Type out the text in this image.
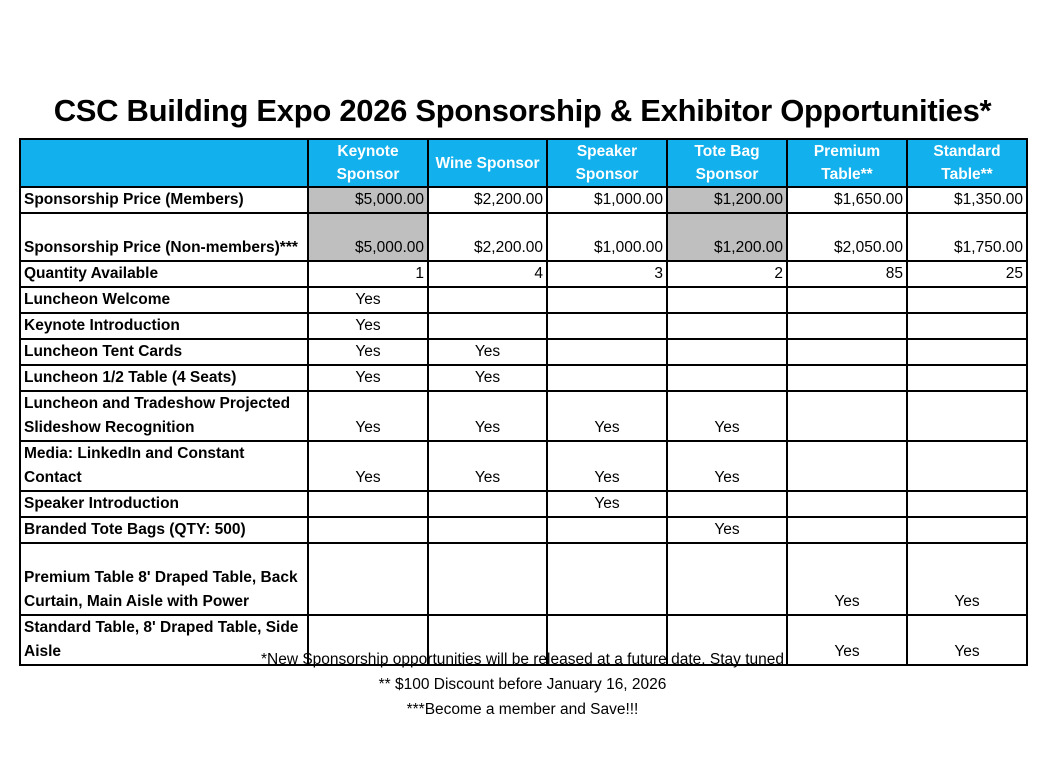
CSC Building Expo 2026 Sponsorship & Exhibitor Opportunities*
	Keynote Sponsor	Wine Sponsor	Speaker Sponsor	Tote Bag Sponsor	Premium Table**	Standard Table**
Sponsorship Price (Members)	$5,000.00	$2,200.00	$1,000.00	$1,200.00	$1,650.00	$1,350.00
Sponsorship Price (Non-members)***	$5,000.00	$2,200.00	$1,000.00	$1,200.00	$2,050.00	$1,750.00
Quantity Available	1	4	3	2	85	25
Luncheon Welcome	Yes					
Keynote Introduction	Yes					
Luncheon Tent Cards	Yes	Yes				
Luncheon 1/2 Table (4 Seats)	Yes	Yes				
Luncheon and Tradeshow Projected Slideshow Recognition	Yes	Yes	Yes	Yes		
Media: LinkedIn and Constant Contact	Yes	Yes	Yes	Yes		
Speaker Introduction			Yes			
Branded Tote Bags (QTY: 500)				Yes		
Premium Table 8' Draped Table, Back Curtain, Main Aisle with Power					Yes	Yes
Standard Table, 8' Draped Table, Side Aisle					Yes	Yes
*New Sponsorship opportunities will be released at a future date. Stay tuned
** $100 Discount before January 16, 2026
***Become a member and Save!!!
